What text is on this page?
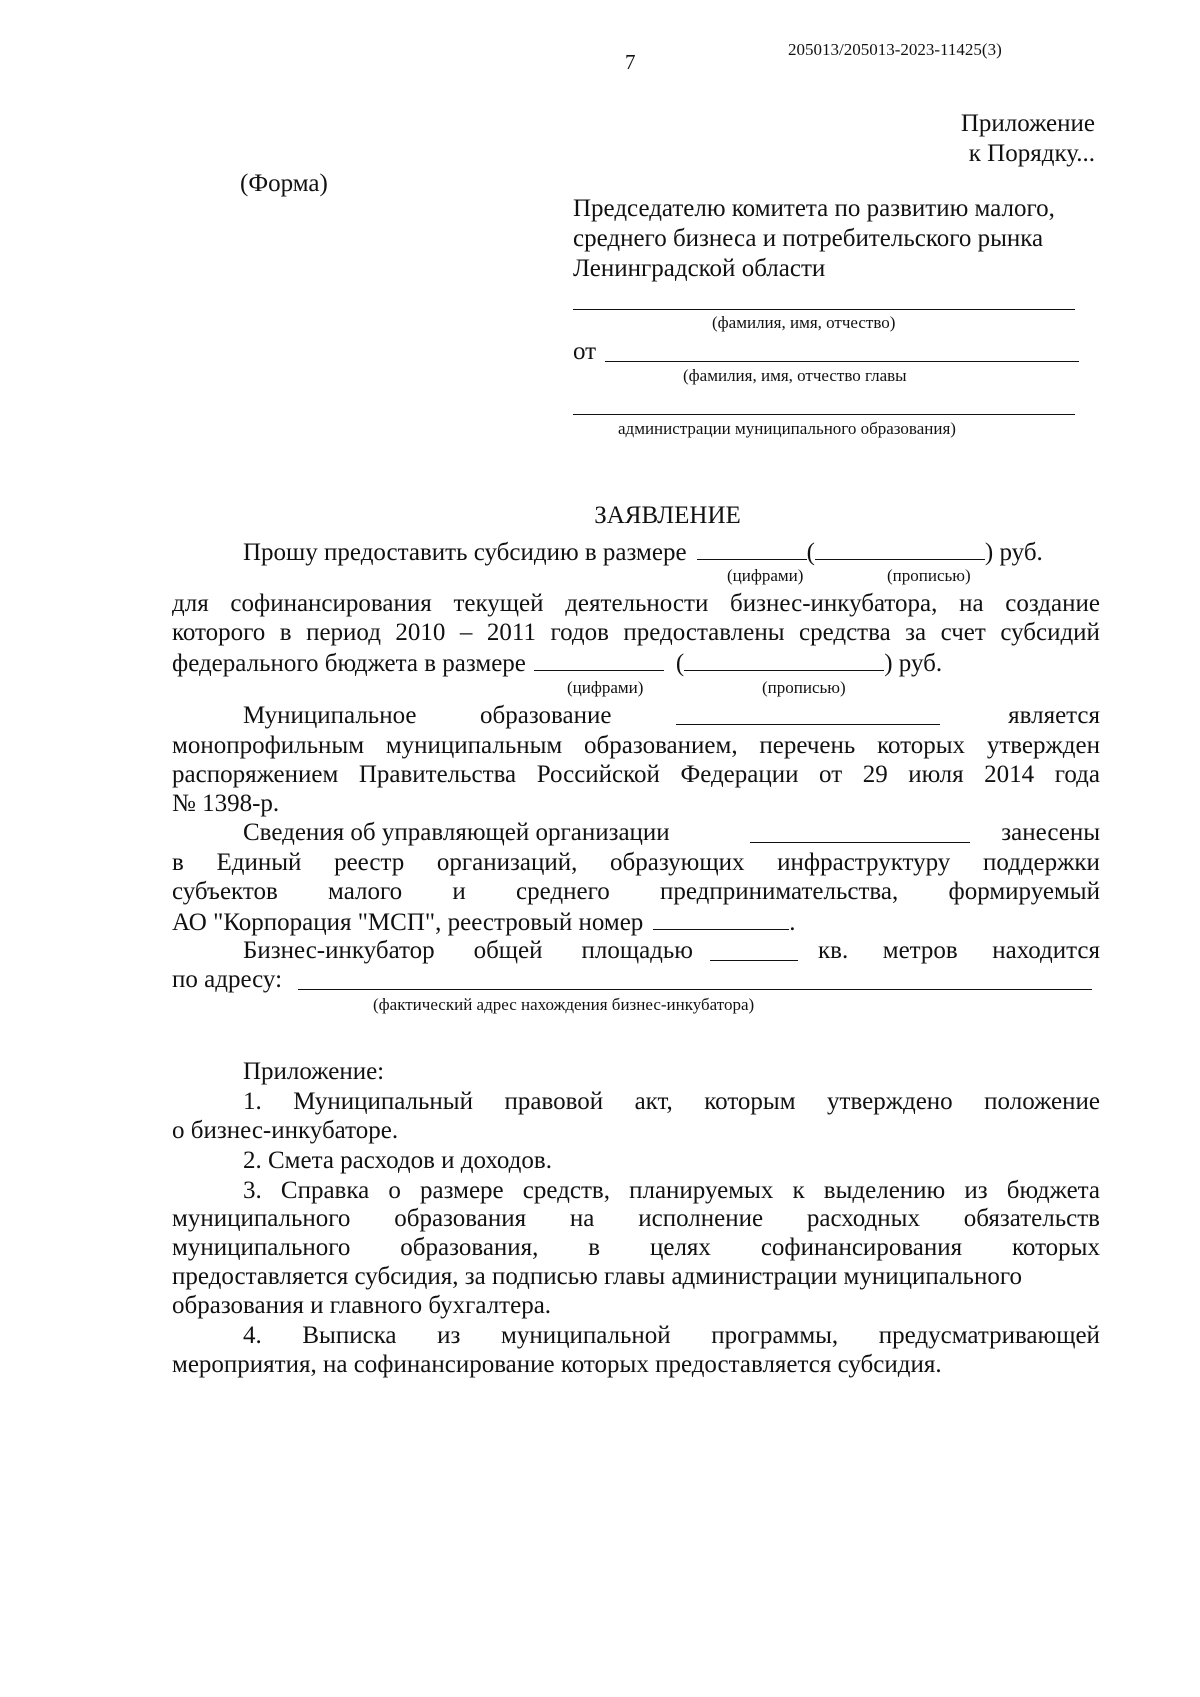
205013/205013-2023-11425(3)
7
Приложение
к Порядку...
(Форма)
Председателю комитета по развитию малого,
среднего бизнеса и потребительского рынка
Ленинградской области
(фамилия, имя, отчество)
от
(фамилия, имя, отчество главы
администрации муниципального образования)
ЗАЯВЛЕНИЕ
Прошу предоставить субсидию в размере	(	) руб.
(цифрами)	(прописью)
для софинансирования текущей деятельности бизнес-инкубатора, на создание
которого в период 2010 – 2011 годов предоставлены средства за счет субсидий
федерального бюджета в размере	(	) руб.
(цифрами)	(прописью)
Муниципальное	образование	является
монопрофильным муниципальным образованием, перечень которых утвержден
распоряжением Правительства Российской Федерации от 29 июля 2014 года
№ 1398-р.
Сведения об управляющей организации	занесены
в Единый реестр организаций, образующих инфраструктуру поддержки
субъектов малого и среднего предпринимательства, формируемый
АО "Корпорация "МСП", реестровый номер	.
Бизнес-инкубатор общей площадью	кв. метров находится
по адресу:
(фактический адрес нахождения бизнес-инкубатора)
Приложение:
1. Муниципальный правовой акт, которым утверждено положение
о бизнес-инкубаторе.
2. Смета расходов и доходов.
3. Справка о размере средств, планируемых к выделению из бюджета
муниципального образования на исполнение расходных обязательств
муниципального образования, в целях софинансирования которых
предоставляется субсидия, за подписью главы администрации муниципального
образования и главного бухгалтера.
4. Выписка из муниципальной программы, предусматривающей
мероприятия, на софинансирование которых предоставляется субсидия.
